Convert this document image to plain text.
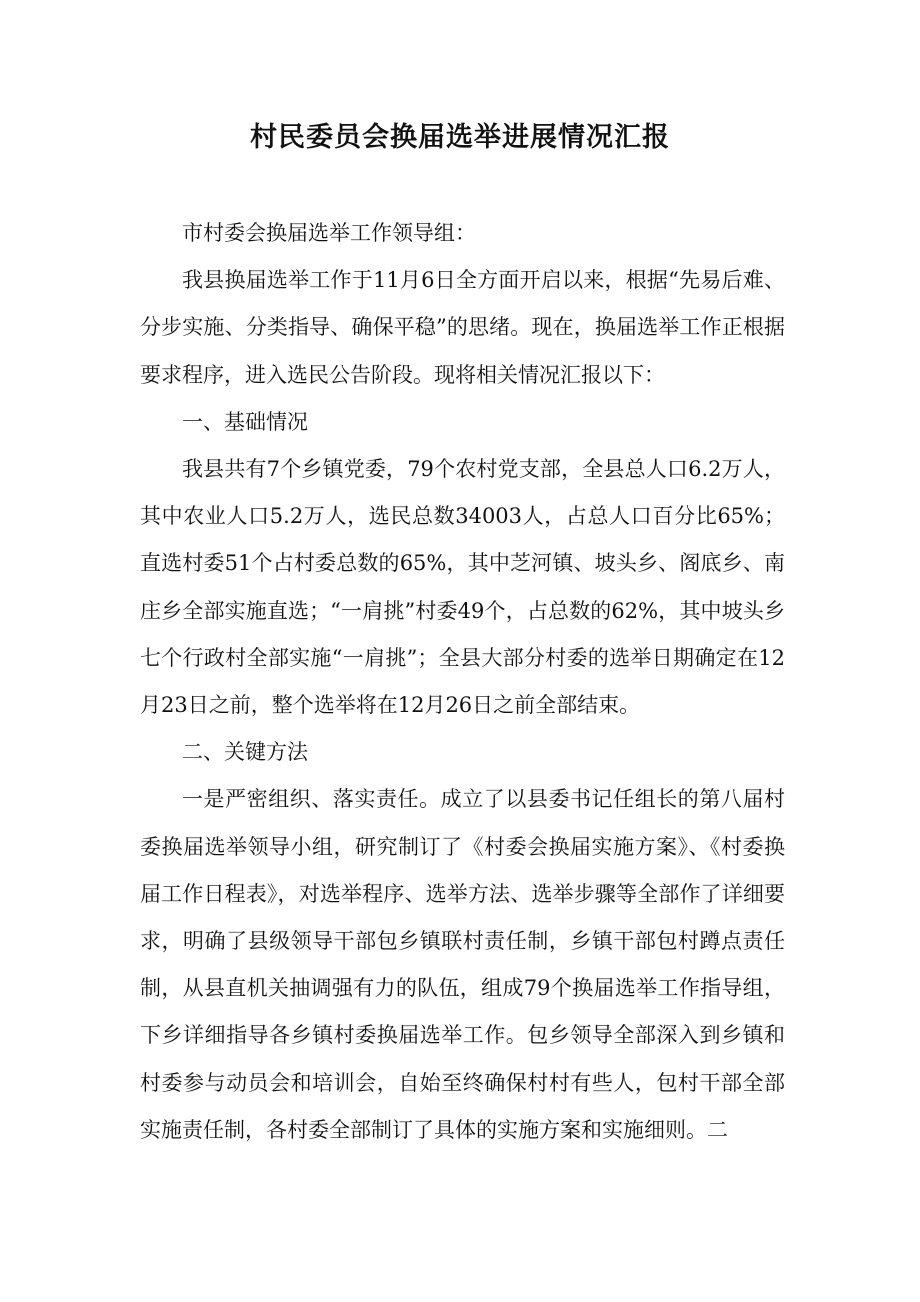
村民委员会换届选举进展情况汇报

市村委会换届选举工作领导组：

我县换届选举工作于11月6日全方面开启以来，根据“先易后难、分步实施、分类指导、确保平稳”的思绪。现在，换届选举工作正根据要求程序，进入选民公告阶段。现将相关情况汇报以下：

一、基础情况

我县共有7个乡镇党委，79个农村党支部，全县总人口6.2万人，其中农业人口5.2万人，选民总数34003人，占总人口百分比65%；直选村委51个占村委总数的65%，其中芝河镇、坡头乡、阁底乡、南庄乡全部实施直选；“一肩挑”村委49个，占总数的62%，其中坡头乡七个行政村全部实施“一肩挑”；全县大部分村委的选举日期确定在12月23日之前，整个选举将在12月26日之前全部结束。

二、关键方法

一是严密组织、落实责任。成立了以县委书记任组长的第八届村委换届选举领导小组，研究制订了《村委会换届实施方案》、《村委换届工作日程表》，对选举程序、选举方法、选举步骤等全部作了详细要求，明确了县级领导干部包乡镇联村责任制，乡镇干部包村蹲点责任制，从县直机关抽调强有力的队伍，组成79个换届选举工作指导组，下乡详细指导各乡镇村委换届选举工作。包乡领导全部深入到乡镇和村委参与动员会和培训会，自始至终确保村村有些人，包村干部全部实施责任制，各村委全部制订了具体的实施方案和实施细则。二
